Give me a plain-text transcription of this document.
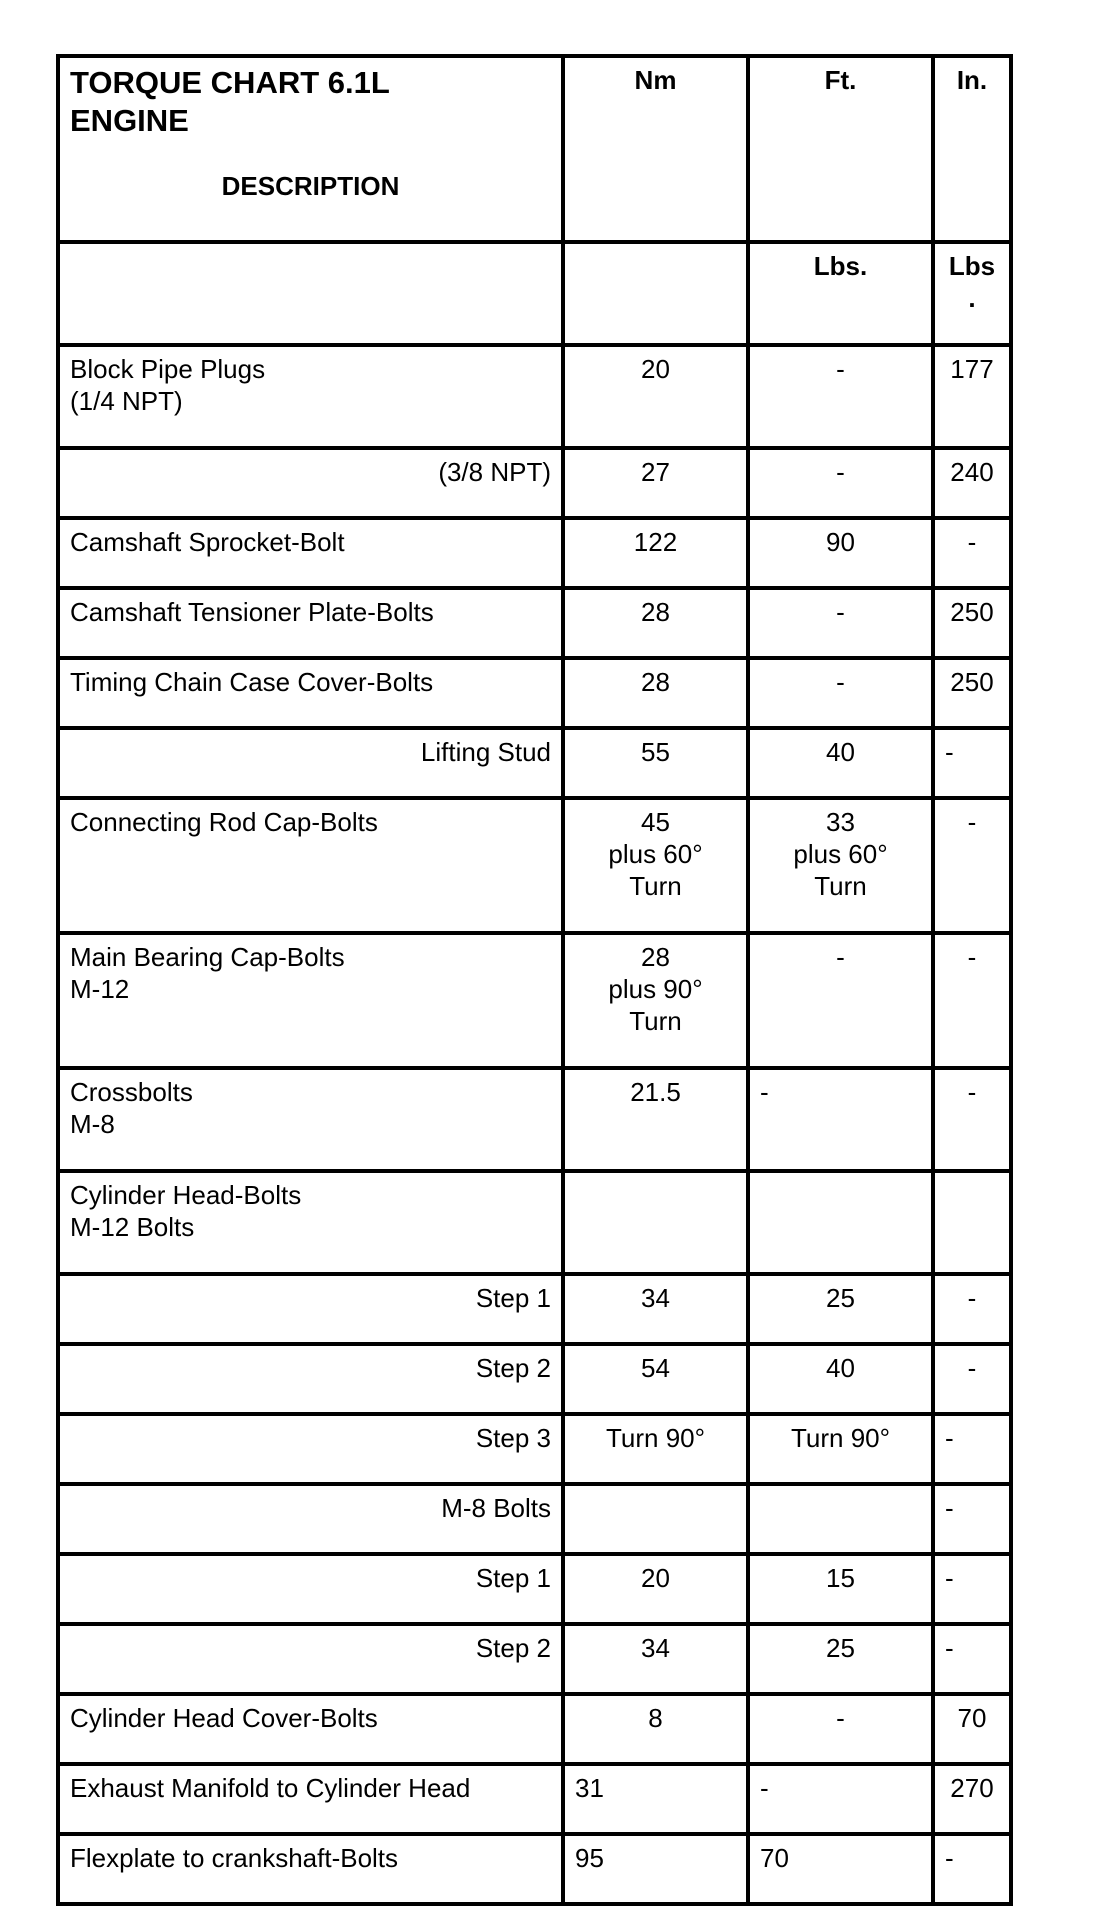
TORQUE CHART 6.1L
ENGINE
DESCRIPTION	Nm	Ft.	In.
		Lbs.	Lbs
.
Block Pipe Plugs
(1/4 NPT)	20	-	177
(3/8 NPT)	27	-	240
Camshaft Sprocket-Bolt	122	90	-
Camshaft Tensioner Plate-Bolts	28	-	250
Timing Chain Case Cover-Bolts	28	-	250
Lifting Stud	55	40	-
Connecting Rod Cap-Bolts	45
plus 60°
Turn	33
plus 60°
Turn	-
Main Bearing Cap-Bolts
M-12	28
plus 90°
Turn	-	-
Crossbolts
M-8	21.5	-	-
Cylinder Head-Bolts
M-12 Bolts			
Step 1	34	25	-
Step 2	54	40	-
Step 3	Turn 90°	Turn 90°	-
M-8 Bolts			-
Step 1	20	15	-
Step 2	34	25	-
Cylinder Head Cover-Bolts	8	-	70
Exhaust Manifold to Cylinder Head	31	-	270
Flexplate to crankshaft-Bolts	95	70	-
